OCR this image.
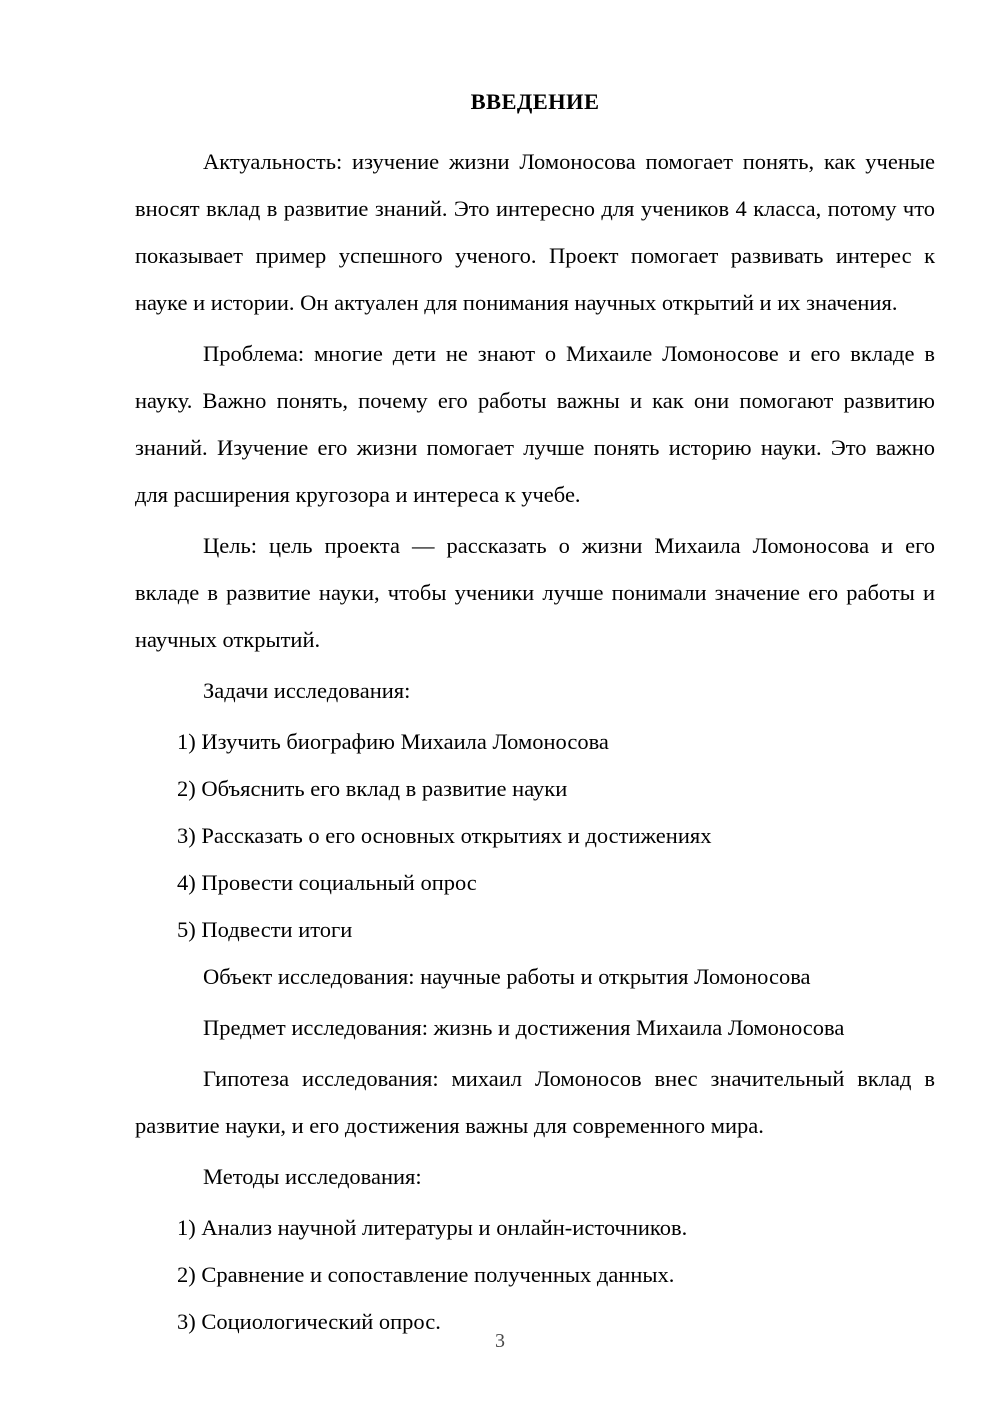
ВВЕДЕНИЕ

Актуальность: изучение жизни Ломоносова помогает понять, как ученые вносят вклад в развитие знаний. Это интересно для учеников 4 класса, потому что показывает пример успешного ученого. Проект помогает развивать интерес к науке и истории. Он актуален для понимания научных открытий и их значения.

Проблема: многие дети не знают о Михаиле Ломоносове и его вкладе в науку. Важно понять, почему его работы важны и как они помогают развитию знаний. Изучение его жизни помогает лучше понять историю науки. Это важно для расширения кругозора и интереса к учебе.

Цель: цель проекта — рассказать о жизни Михаила Ломоносова и его вкладе в развитие науки, чтобы ученики лучше понимали значение его работы и научных открытий.

Задачи исследования:

1) Изучить биографию Михаила Ломоносова
2) Объяснить его вклад в развитие науки
3) Рассказать о его основных открытиях и достижениях
4) Провести социальный опрос
5) Подвести итоги

Объект исследования: научные работы и открытия Ломоносова

Предмет исследования: жизнь и достижения Михаила Ломоносова

Гипотеза исследования: михаил Ломоносов внес значительный вклад в развитие науки, и его достижения важны для современного мира.

Методы исследования:

1) Анализ научной литературы и онлайн-источников.
2) Сравнение и сопоставление полученных данных.
3) Социологический опрос.
3
